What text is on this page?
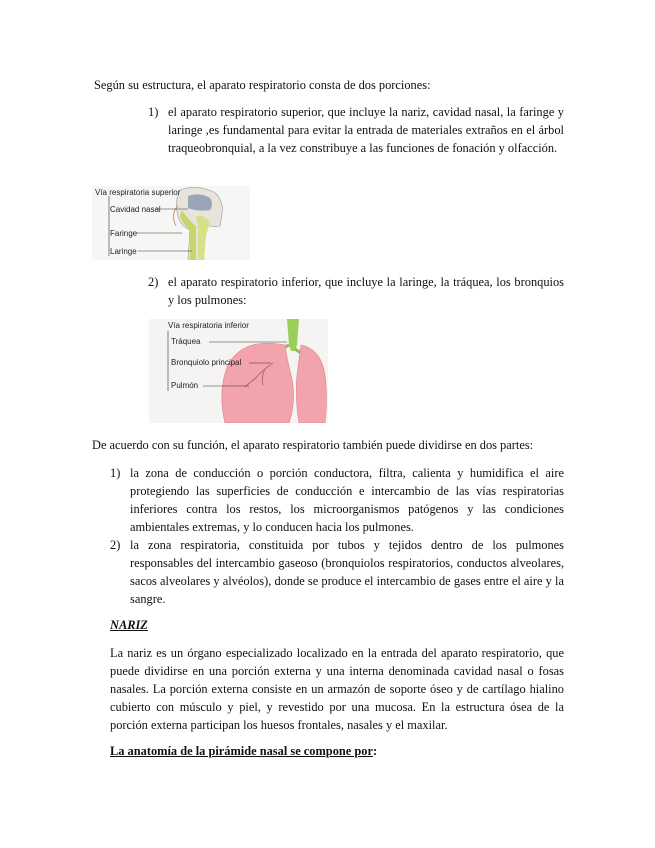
Según su estructura, el aparato respiratorio consta de dos porciones:
1) el aparato respiratorio superior, que incluye la nariz, cavidad nasal, la faringe y laringe ,es fundamental para evitar la entrada de materiales extraños en el árbol traqueobronquial, a la vez constribuye a las funciones de fonación y olfacción.
Vía respiratoria superior
Cavidad nasal
Faringe
Laringe
2) el aparato respiratorio inferior, que incluye la laringe, la tráquea, los bronquios y los pulmones:
Vía respiratoria inferior
Tráquea
Bronquiolo principal
Pulmón
De acuerdo con su función, el aparato respiratorio también puede dividirse en dos partes:
1) la zona de conducción o porción conductora, filtra, calienta y humidifica el aire protegiendo las superficies de conducción e intercambio de las vías respiratorias inferiores contra los restos, los microorganismos patógenos y las condiciones ambientales extremas, y lo conducen hacia los pulmones.
2) la zona respiratoria, constituida por tubos y tejidos dentro de los pulmones responsables del intercambio gaseoso (bronquiolos respiratorios, conductos alveolares, sacos alveolares y alvéolos), donde se produce el intercambio de gases entre el aire y la sangre.
NARIZ
La nariz es un órgano especializado localizado en la entrada del aparato respiratorio, que puede dividirse en una porción externa y una interna denominada cavidad nasal o fosas nasales. La porción externa consiste en un armazón de soporte óseo y de cartílago hialino cubierto con músculo y piel, y revestido por una mucosa. En la estructura ósea de la porción externa participan los huesos frontales, nasales y el maxilar.
La anatomía de la pirámide nasal se compone por:
